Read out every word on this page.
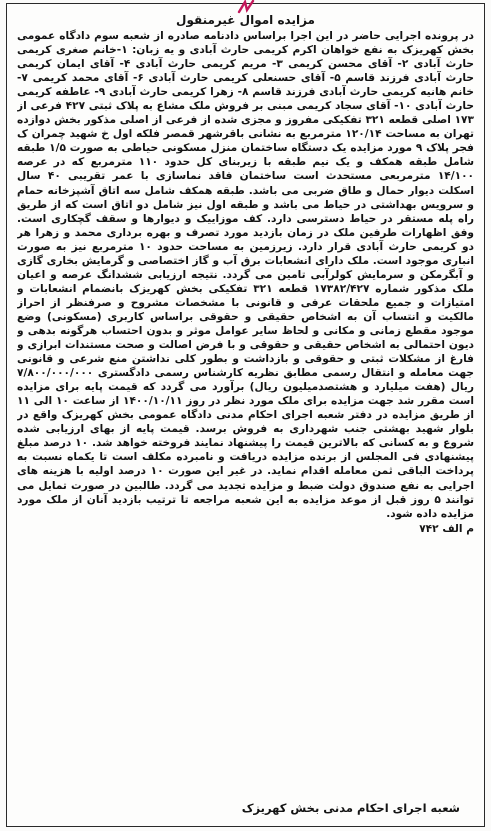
مزایده اموال غیرمنقول

در پرونده اجرایی حاضر در این اجرا براساس دادنامه صادره از شعبه سوم دادگاه عمومی بخش کهریزک به نفع خواهان اکرم کریمی حارث آبادی و یه زبان: ۱-خانم صغری کریمی حارث آبادی ۲- آقای محسن کریمی ۳- مریم کریمی حارث آبادی ۴- آقای ایمان کریمی حارث آبادی فرزند قاسم ۵- آقای حسنعلی کریمی حارث آبادی ۶- آقای محمد کریمی ۷- خانم هانیه کریمی حارث آبادی فرزند قاسم ۸- زهرا کریمی حارث آبادی ۹- عاطفه کریمی حارث آبادی ۱۰- آقای سجاد کریمی مبنی بر فروش ملک مشاع به پلاک ثبتی ۴۲۷ فرعی از ۱۷۳ اصلی قطعه ۳۲۱ تفکیکی مفروز و مجزی شده از فرعی از اصلی مذکور بخش دوازده تهران به مساحت ۱۲۰/۱۴ مترمربع به نشانی باقرشهر قمصر فلکه اول خ شهید چمران ک فجر پلاک ۹ مورد مزایده یک دستگاه ساختمان منزل مسکونی حیاطی به صورت ۱/۵ طبقه شامل طبقه همکف و یک نیم طبقه با زیربنای کل حدود ۱۱۰ مترمربع که در عرصه ۱۴/۱۰۰ مترمربعی مستحدث است ساختمان فاقد نماسازی با عمر تقریبی ۴۰ سال اسکلت دیوار حمال و طاق ضربی می باشد. طبقه همکف شامل سه اتاق آشپزخانه حمام و سرویس بهداشتی در حیاط می باشد و طبقه اول نیز شامل دو اتاق است که از طریق راه پله مستقر در حیاط دسترسی دارد. کف موزاییک و دیوارها و سقف گچکاری است. وفق اظهارات طرفین ملک در زمان بازدید مورد تصرف و بهره برداری محمد و زهرا هر دو کریمی حارث آبادی قرار دارد. زیرزمین به مساحت حدود ۱۰ مترمربع نیز به صورت انباری موجود است. ملک دارای انشعابات برق آب و گاز اختصاصی و گرمایش بخاری گازی و آبگرمکن و سرمایش کولرآبی تامین می گردد. نتیجه ارزیابی ششدانگ عرصه و اعیان ملک مذکور شماره ۱۷۳۸۲/۴۲۷ قطعه ۳۲۱ تفکیکی بخش کهریزک بانضمام انشعابات و امتیازات و جمیع ملحقات عرفی و قانونی با مشخصات مشروح و صرفنظر از احراز مالکیت و انتساب آن به اشخاص حقیقی و حقوقی براساس کاربری (مسکونی) وضع موجود مقطع زمانی و مکانی و لحاظ سایر عوامل موثر و بدون احتساب هرگونه بدهی و دیون احتمالی به اشخاص حقیقی و حقوقی و با فرض اصالت و صحت مستندات ابرازی و فارغ از مشکلات ثبتی و حقوقی و بازداشت و بطور کلی نداشتن منع شرعی و قانونی جهت معامله و انتقال رسمی مطابق نظریه کارشناس رسمی دادگستری ۷/۸۰۰/۰۰۰/۰۰۰ ریال (هفت میلیارد و هشتصدمیلیون ریال) برآورد می گردد که قیمت پایه برای مزایده است مقرر شد جهت مزایده برای ملک مورد نظر در روز ۱۴۰۰/۱۰/۱۱ از ساعت ۱۰ الی ۱۱ از طریق مزایده در دفتر شعبه اجرای احکام مدنی دادگاه عمومی بخش کهریزک واقع در بلوار شهید بهشتی جنب شهرداری به فروش برسد. قیمت پایه از بهای ارزیابی شده شروع و به کسانی که بالاترین قیمت را پیشنهاد نمایند فروخته خواهد شد. ۱۰ درصد مبلغ پیشنهادی فی المجلس از برنده مزایده دریافت و نامبرده مکلف است تا یکماه نسبت به پرداخت الباقی ثمن معامله اقدام نماید. در غیر این صورت ۱۰ درصد اولیه با هزینه های اجرایی به نفع صندوق دولت ضبط و مزایده تجدید می گردد. طالبین در صورت تمایل می توانند ۵ روز قبل از موعد مزایده به این شعبه مراجعه تا ترتیب بازدید آنان از ملک مورد مزایده داده شود.

م الف ۷۴۲

شعبه اجرای احکام مدنی بخش کهریزک
